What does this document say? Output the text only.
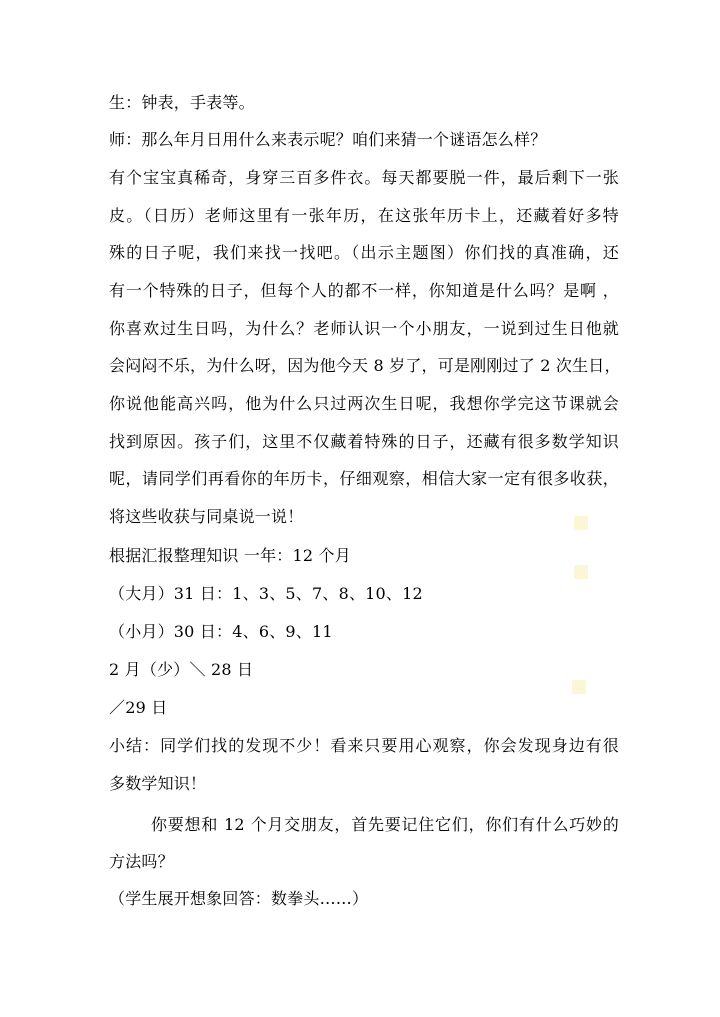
生：钟表，手表等。
师：那么年月日用什么来表示呢？咱们来猜一个谜语怎么样？
有个宝宝真稀奇，身穿三百多件衣。每天都要脱一件，最后剩下一张
皮。（日历）老师这里有一张年历，在这张年历卡上，还藏着好多特
殊的日子呢，我们来找一找吧。（出示主题图）你们找的真准确，还
有一个特殊的日子，但每个人的都不一样，你知道是什么吗？是啊 ，
你喜欢过生日吗，为什么？老师认识一个小朋友，一说到过生日他就
会闷闷不乐，为什么呀，因为他今天 8 岁了，可是刚刚过了 2 次生日，
你说他能高兴吗，他为什么只过两次生日呢，我想你学完这节课就会
找到原因。孩子们，这里不仅藏着特殊的日子，还藏有很多数学知识
呢，请同学们再看你的年历卡，仔细观察，相信大家一定有很多收获，
将这些收获与同桌说一说！
根据汇报整理知识 一年：12 个月
（大月）31 日：1、3、5、7、8、10、12
（小月）30 日：4、6、9、11
2 月（少）＼ 28 日
／29 日
小结：同学们找的发现不少！看来只要用心观察，你会发现身边有很
多数学知识！
你要想和 12 个月交朋友，首先要记住它们，你们有什么巧妙的
方法吗？
（学生展开想象回答：数拳头……）
